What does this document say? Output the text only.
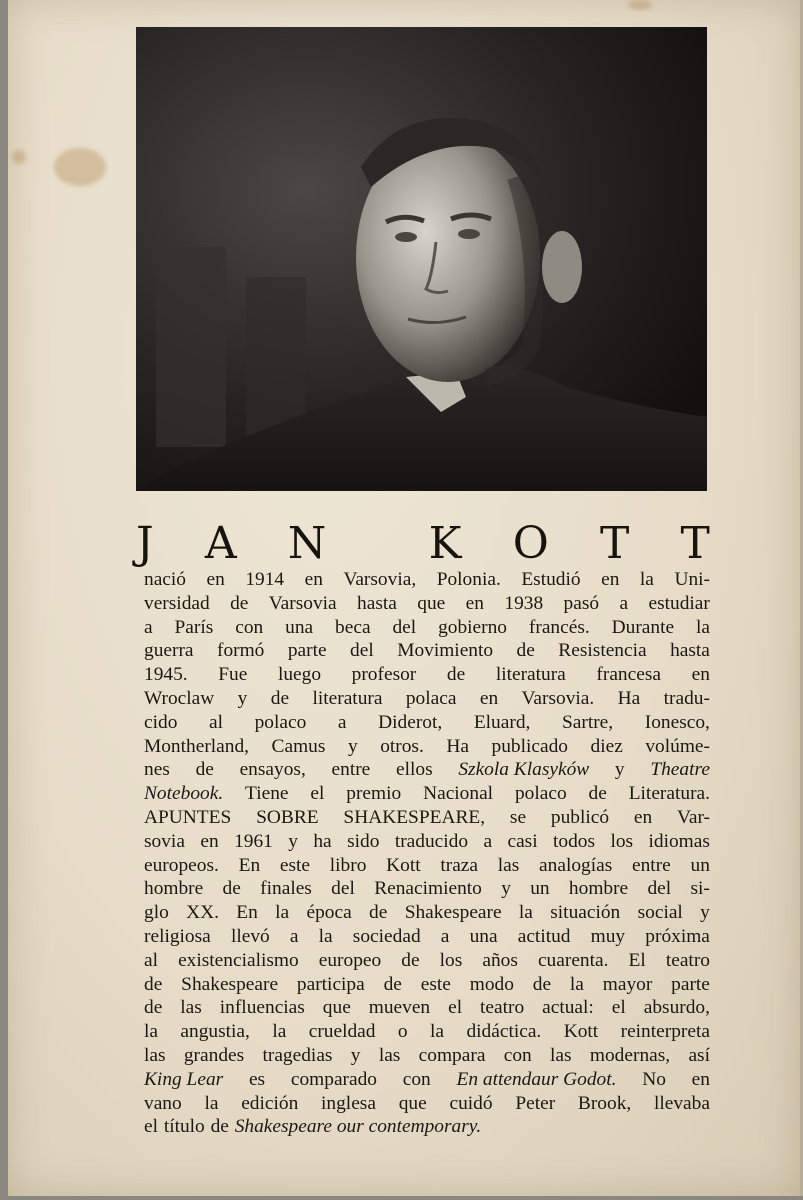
J A N K O T T
nació en 1914 en Varsovia, Polonia. Estudió en la Uni-
versidad de Varsovia hasta que en 1938 pasó a estudiar
a París con una beca del gobierno francés. Durante la
guerra formó parte del Movimiento de Resistencia hasta
1945. Fue luego profesor de literatura francesa en
Wroclaw y de literatura polaca en Varsovia. Ha tradu-
cido al polaco a Diderot, Eluard, Sartre, Ionesco,
Montherland, Camus y otros. Ha publicado diez volúme-
nes de ensayos, entre ellos Szkola Klasyków y Theatre
Notebook. Tiene el premio Nacional polaco de Literatura.
APUNTES SOBRE SHAKESPEARE, se publicó en Var-
sovia en 1961 y ha sido traducido a casi todos los idiomas
europeos. En este libro Kott traza las analogías entre un
hombre de finales del Renacimiento y un hombre del si-
glo XX. En la época de Shakespeare la situación social y
religiosa llevó a la sociedad a una actitud muy próxima
al existencialismo europeo de los años cuarenta. El teatro
de Shakespeare participa de este modo de la mayor parte
de las influencias que mueven el teatro actual: el absurdo,
la angustia, la crueldad o la didáctica. Kott reinterpreta
las grandes tragedias y las compara con las modernas, así
King Lear es comparado con En attendaur Godot. No en
vano la edición inglesa que cuidó Peter Brook, llevaba
el título de Shakespeare our contemporary.
